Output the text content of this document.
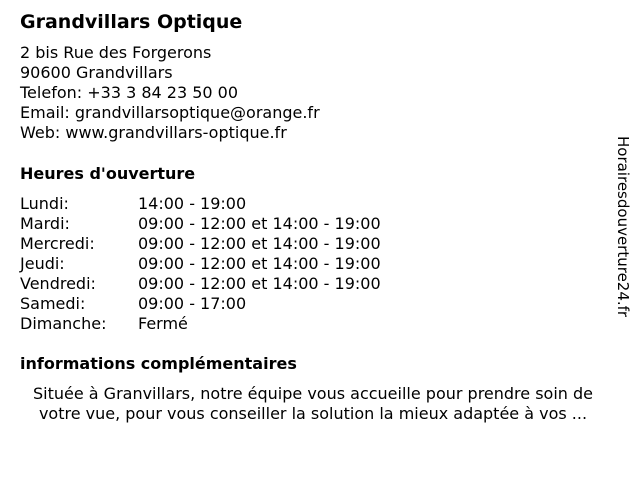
Grandvillars Optique
2 bis Rue des Forgerons
90600 Grandvillars
Telefon: +33 3 84 23 50 00
Email: grandvillarsoptique@orange.fr
Web: www.grandvillars-optique.fr
Heures d'ouverture
Lundi:	14:00 - 19:00
Mardi:	09:00 - 12:00 et 14:00 - 19:00
Mercredi:	09:00 - 12:00 et 14:00 - 19:00
Jeudi:	09:00 - 12:00 et 14:00 - 19:00
Vendredi:	09:00 - 12:00 et 14:00 - 19:00
Samedi:	09:00 - 17:00
Dimanche: Fermé
informations complémentaires
Située à Granvillars, notre équipe vous accueille pour prendre soin de
votre vue, pour vous conseiller la solution la mieux adaptée à vos ...
Horairesdouverture24.fr
